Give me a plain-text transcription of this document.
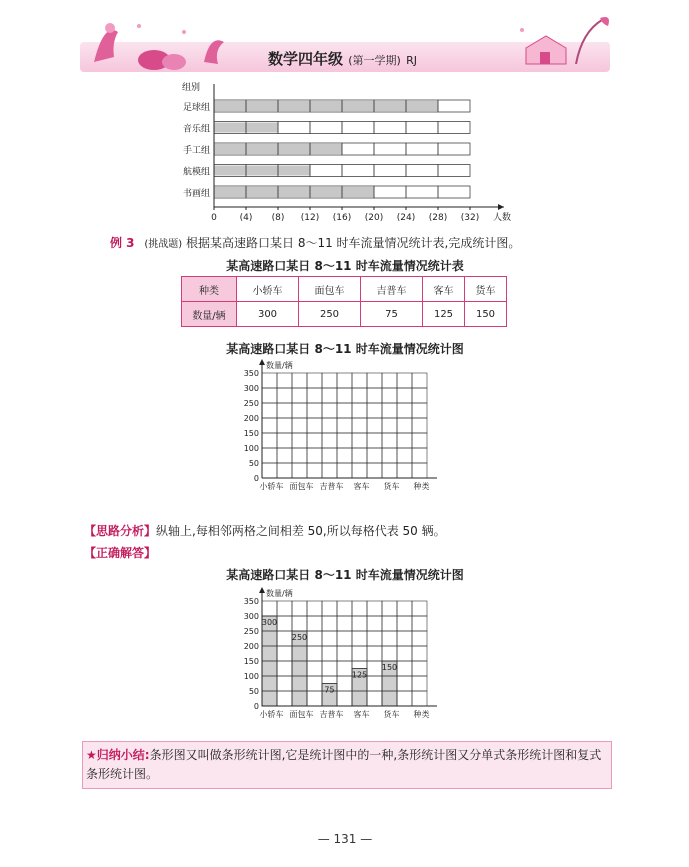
数学四年级 (第一学期) RJ
足球组
音乐组
手工组
航模组
书画组
组别
0	(4) (8) (12) (16) (20) (24) (28) (32) 人数
例 3 (挑战题) 根据某高速路口某日 8～11 时车流量情况统计表,完成统计图。
某高速路口某日 8～11 时车流量情况统计表
种类	小轿车	面包车	吉普车	客车	货车
数量/辆	300	250	75	125	150
某高速路口某日 8～11 时车流量情况统计图
数量/辆
350
300
250
200
150
100
50
0
小轿车 面包车 吉普车 客车 货车 种类
【思路分析】纵轴上,每相邻两格之间相差 50,所以每格代表 50 辆。
【正确解答】
某高速路口某日 8～11 时车流量情况统计图
300
250
75
125
150
数量/辆
350
300
250
200
150
100
50
0
小轿车 面包车 吉普车 客车 货车 种类
★归纳小结:条形图又叫做条形统计图,它是统计图中的一种,条形统计图又分单式条形统计图和复式条形统计图。
— 131 —
